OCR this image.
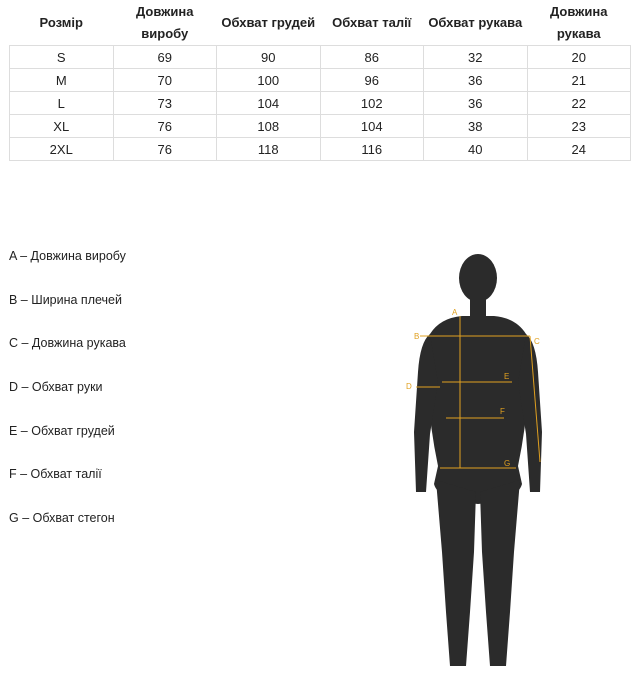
Розмір	Довжина виробу	Обхват грудей	Обхват талії	Обхват рукава	Довжина рукава
S	69	90	86	32	20
M	70	100	96	36	21
L	73	104	102	36	22
XL	76	108	104	38	23
2XL	76	118	116	40	24
A – Довжина виробу
B – Ширина плечей
C – Довжина рукава
D – Обхват руки
E – Обхват грудей
F – Обхват талії
G – Обхват стегон
A
B
C
D
E
F
G
